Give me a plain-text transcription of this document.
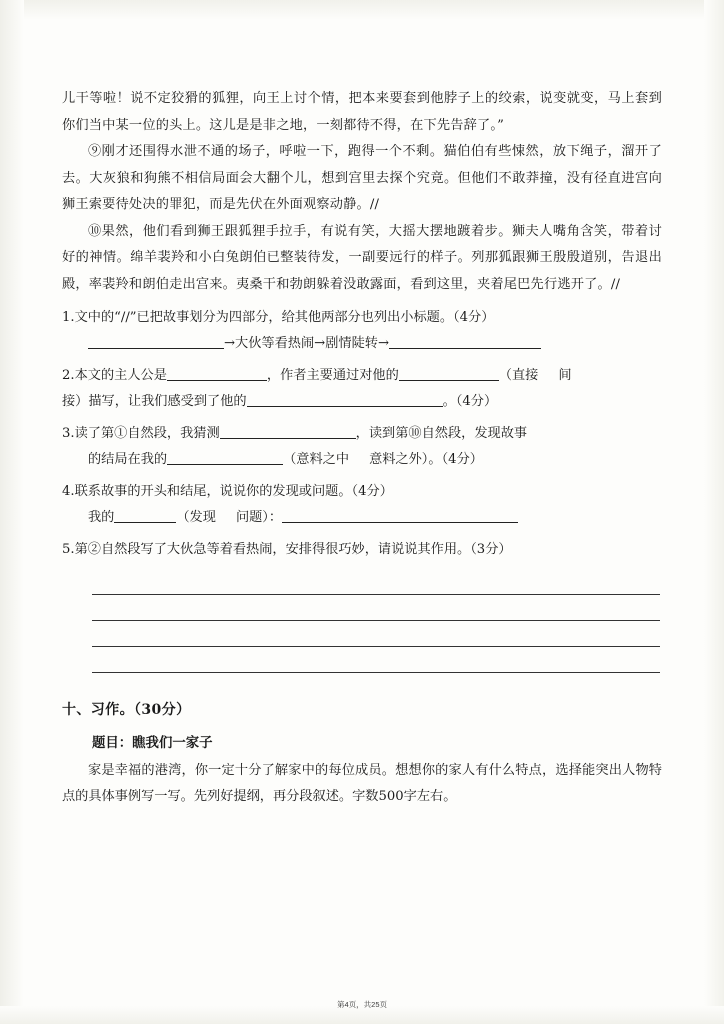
儿干等啦！说不定狡猾的狐狸，向王上讨个情，把本来要套到他脖子上的绞索，说变就变，马上套到你们当中某一位的头上。这儿是是非之地，一刻都待不得，在下先告辞了。”

⑨刚才还围得水泄不通的场子，呼啦一下，跑得一个不剩。猫伯伯有些悚然，放下绳子，溜开了去。大灰狼和狗熊不相信局面会大翻个儿，想到宫里去探个究竟。但他们不敢莽撞，没有径直进宫向狮王索要待处决的罪犯，而是先伏在外面观察动静。//

⑩果然，他们看到狮王跟狐狸手拉手，有说有笑，大摇大摆地踱着步。狮夫人嘴角含笑，带着讨好的神情。绵羊裴羚和小白兔朗伯已整装待发，一副要远行的样子。列那狐跟狮王殷殷道别，告退出殿，率裴羚和朗伯走出宫来。夷桑干和勃朗躲着没敢露面，看到这里，夹着尾巴先行逃开了。//

1.文中的“//”已把故事划分为四部分，给其他两部分也列出小标题。（4分）
→大伙等看热闹→剧情陡转→
2.本文的主人公是	，作者主要通过对他的	（直接 间
接）描写，让我们感受到了他的	。（4分）
3.读了第①自然段，我猜测	，读到第⑩自然段，发现故事
的结局在我的	（意料之中 意料之外）。（4分）
4.联系故事的开头和结尾，说说你的发现或问题。（4分）
我的	（发现 问题）：
5.第②自然段写了大伙急等着看热闹，安排得很巧妙，请说说其作用。（3分）
十、习作。（30分）
题目：瞧我们一家子
家是幸福的港湾，你一定十分了解家中的每位成员。想想你的家人有什么特点，选择能突出人物特点的具体事例写一写。先列好提纲，再分段叙述。字数500字左右。
第4页，共25页
